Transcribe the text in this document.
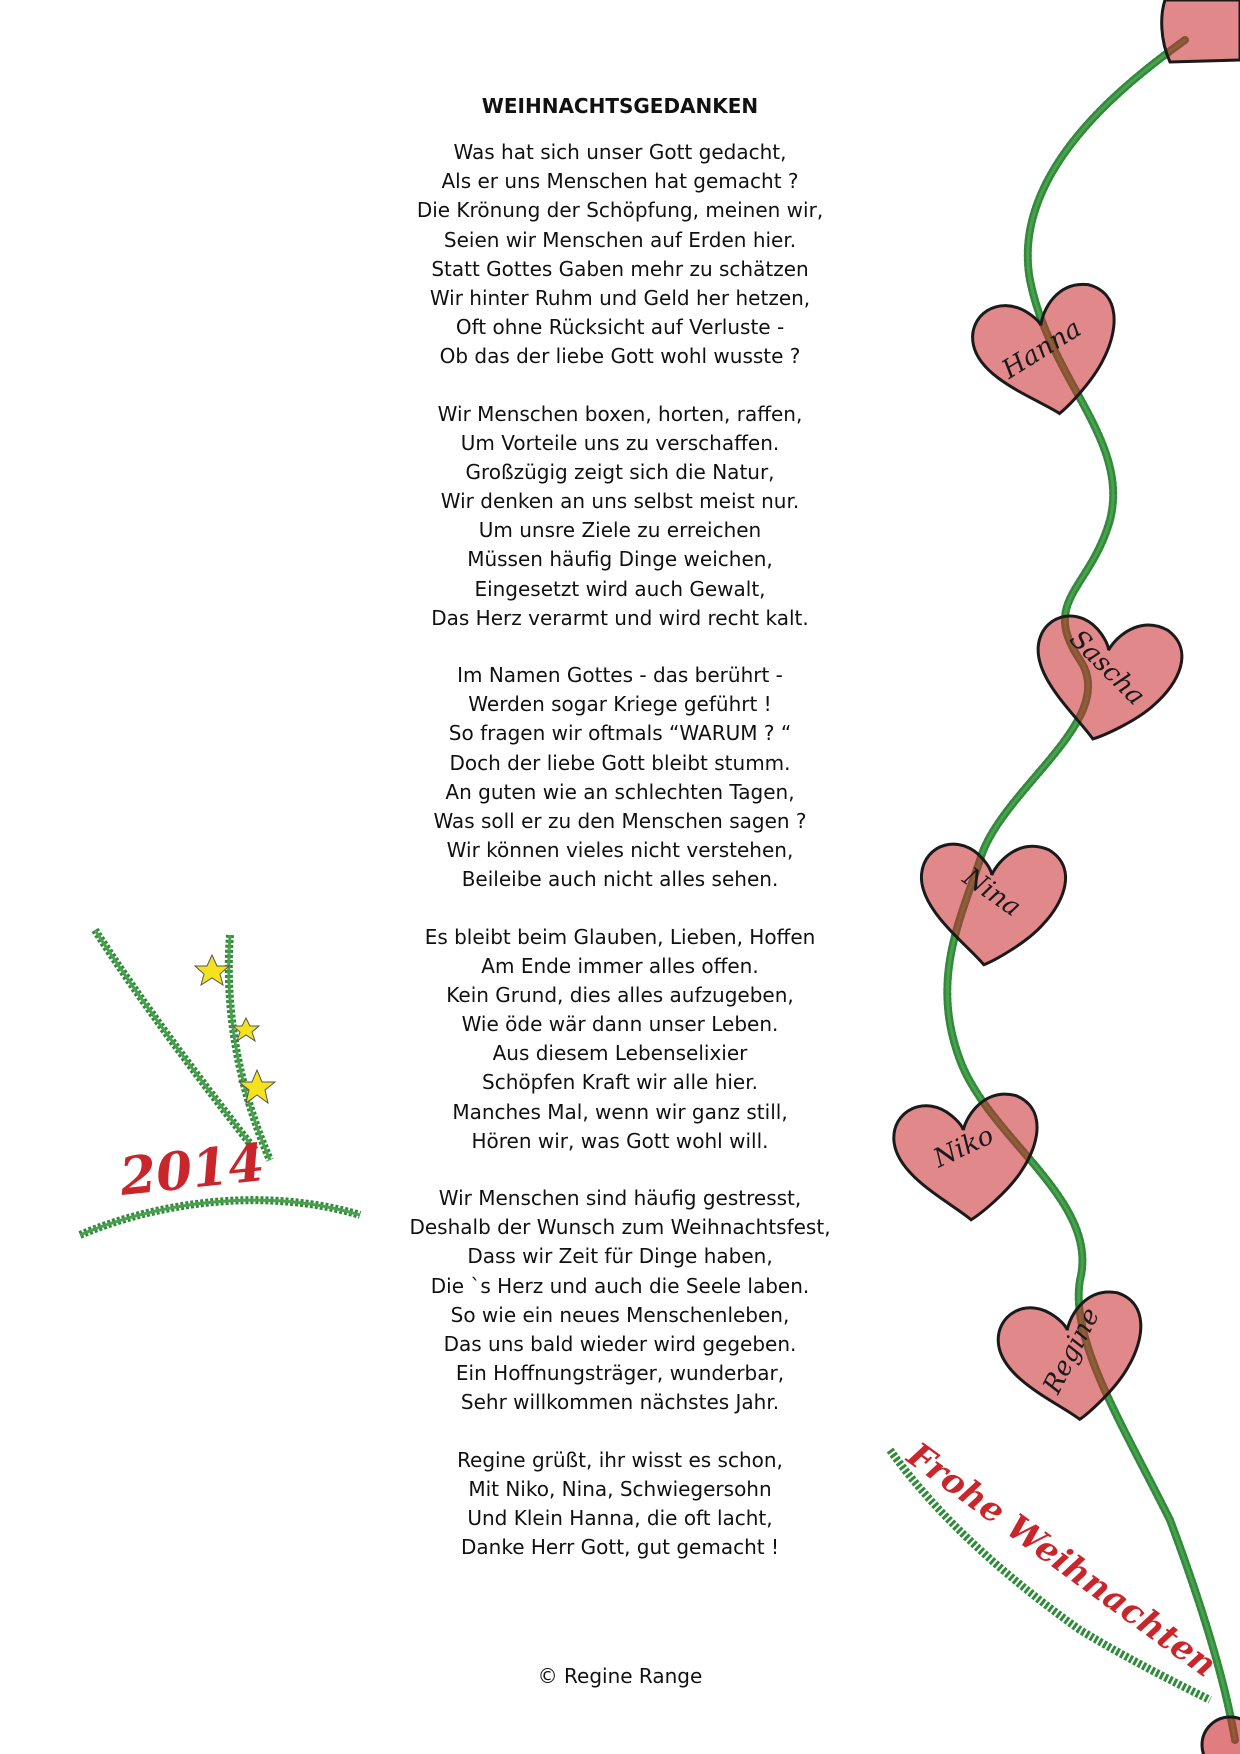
Hanna
Sascha
Nina
Niko
Regine
Frohe Weihnachten
2014
WEIHNACHTSGEDANKEN
Was hat sich unser Gott gedacht,
Als er uns Menschen hat gemacht ?
Die Krönung der Schöpfung, meinen wir,
Seien wir Menschen auf Erden hier.
Statt Gottes Gaben mehr zu schätzen
Wir hinter Ruhm und Geld her hetzen,
Oft ohne Rücksicht auf Verluste -
Ob das der liebe Gott wohl wusste ?
Wir Menschen boxen, horten, raffen,
Um Vorteile uns zu verschaffen.
Großzügig zeigt sich die Natur,
Wir denken an uns selbst meist nur.
Um unsre Ziele zu erreichen
Müssen häufig Dinge weichen,
Eingesetzt wird auch Gewalt,
Das Herz verarmt und wird recht kalt.
Im Namen Gottes - das berührt -
Werden sogar Kriege geführt !
So fragen wir oftmals “WARUM ? “
Doch der liebe Gott bleibt stumm.
An guten wie an schlechten Tagen,
Was soll er zu den Menschen sagen ?
Wir können vieles nicht verstehen,
Beileibe auch nicht alles sehen.
Es bleibt beim Glauben, Lieben, Hoffen
Am Ende immer alles offen.
Kein Grund, dies alles aufzugeben,
Wie öde wär dann unser Leben.
Aus diesem Lebenselixier
Schöpfen Kraft wir alle hier.
Manches Mal, wenn wir ganz still,
Hören wir, was Gott wohl will.
Wir Menschen sind häufig gestresst,
Deshalb der Wunsch zum Weihnachtsfest,
Dass wir Zeit für Dinge haben,
Die `s Herz und auch die Seele laben.
So wie ein neues Menschenleben,
Das uns bald wieder wird gegeben.
Ein Hoffnungsträger, wunderbar,
Sehr willkommen nächstes Jahr.
Regine grüßt, ihr wisst es schon,
Mit Niko, Nina, Schwiegersohn
Und Klein Hanna, die oft lacht,
Danke Herr Gott, gut gemacht !
© Regine Range
